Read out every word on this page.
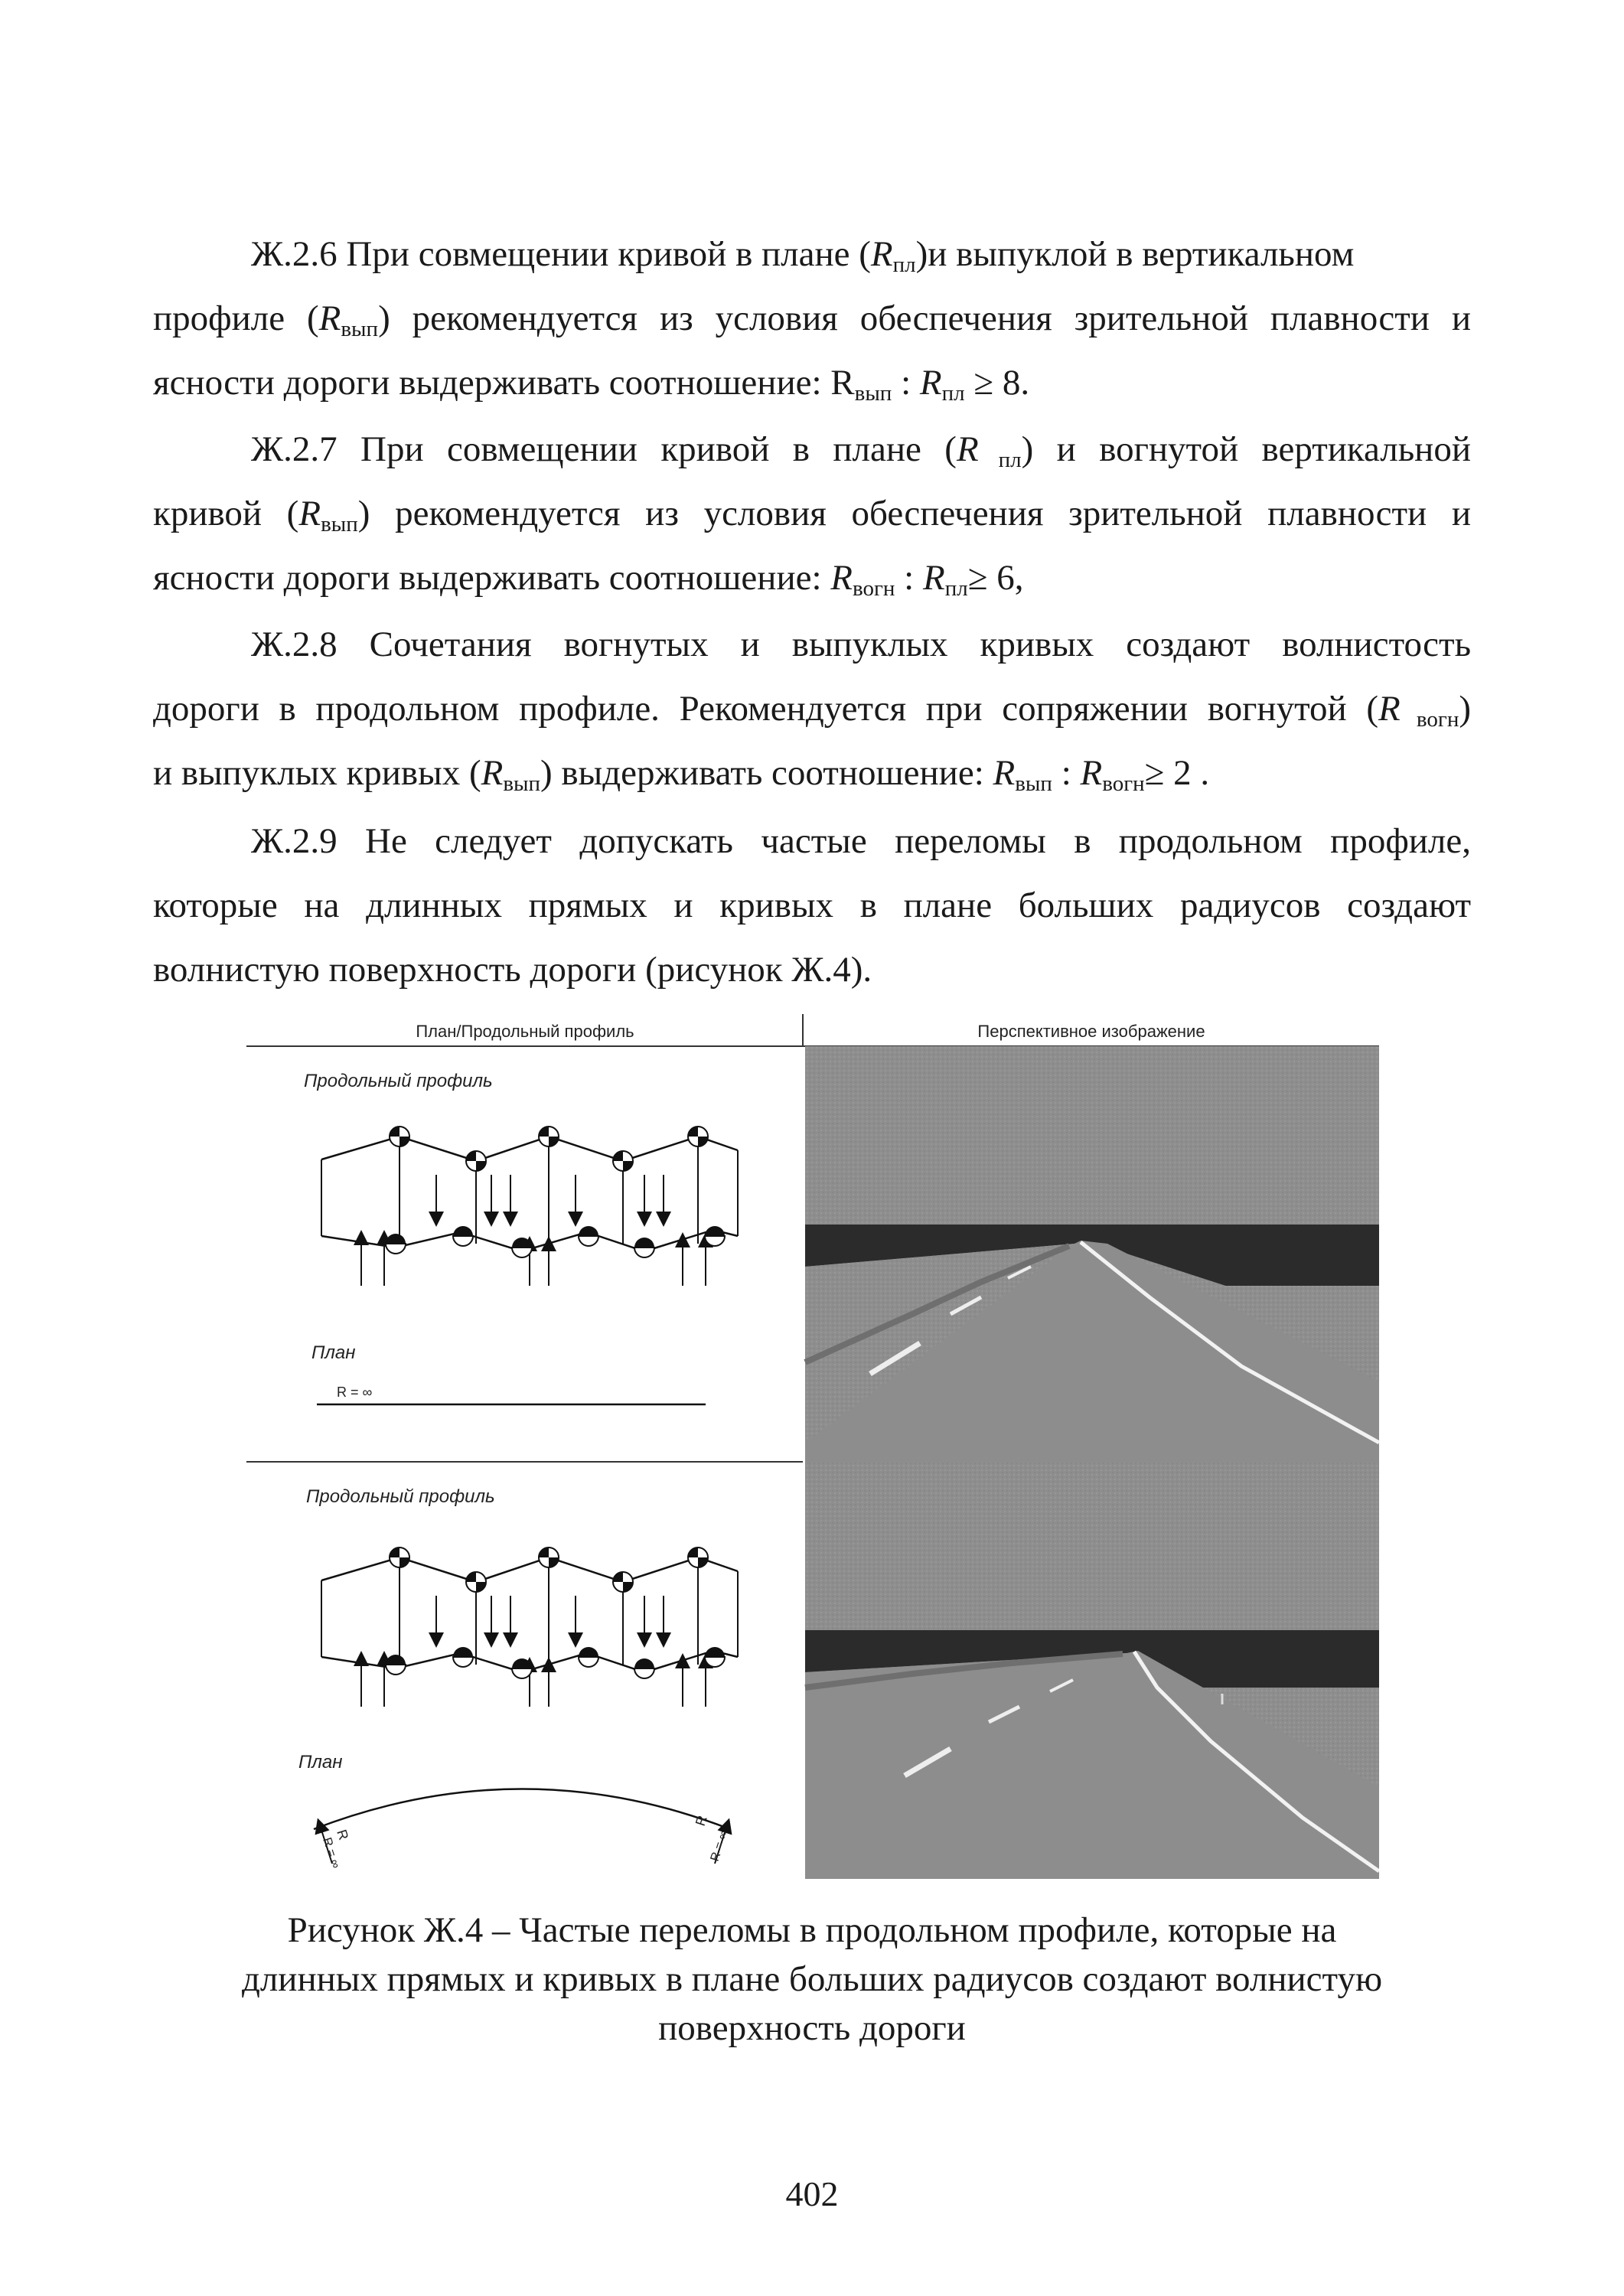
Ж.2.6 При совмещении кривой в плане $(R_{пл})и$ выпуклой в вертикальном
профиле $(R_{вып})$ рекомендуется из условия обеспечения зрительной плавности и
ясности дороги выдерживать соотношение: $R_{вып}$ : $R_{пл} \ge 8$.
Ж.2.7 При совмещении кривой в плане (R $_{пл}$) и вогнутой вертикальной
кривой $(R_{вып})$ рекомендуется из условия обеспечения зрительной плавности и
ясности дороги выдерживать соотношение: $R_{вогн}$ : $R_{пл}\ge 6$,
Ж.2.8 Сочетания вогнутых и выпуклых кривых создают волнистость
дороги в продольном профиле. Рекомендуется при сопряжении вогнутой (R $_{вогн}$)
и выпуклых кривых $(R_{вып})$ выдерживать соотношение: $R_{вып}$ : $R_{вогн}\ge 2$ .
Ж.2.9 Не следует допускать частые переломы в продольном профиле,
которые на длинных прямых и кривых в плане больших радиусов создают
волнистую поверхность дороги (рисунок Ж.4).
План/Продольный профиль	Перспективное изображение
Продольный профиль
План
R = ∞
Продольный профиль
План
R
R = ∞
R
R = ∞
Рисунок Ж.4 – Частые переломы в продольном профиле, которые на
длинных прямых и кривых в плане больших радиусов создают волнистую
поверхность дороги
402
